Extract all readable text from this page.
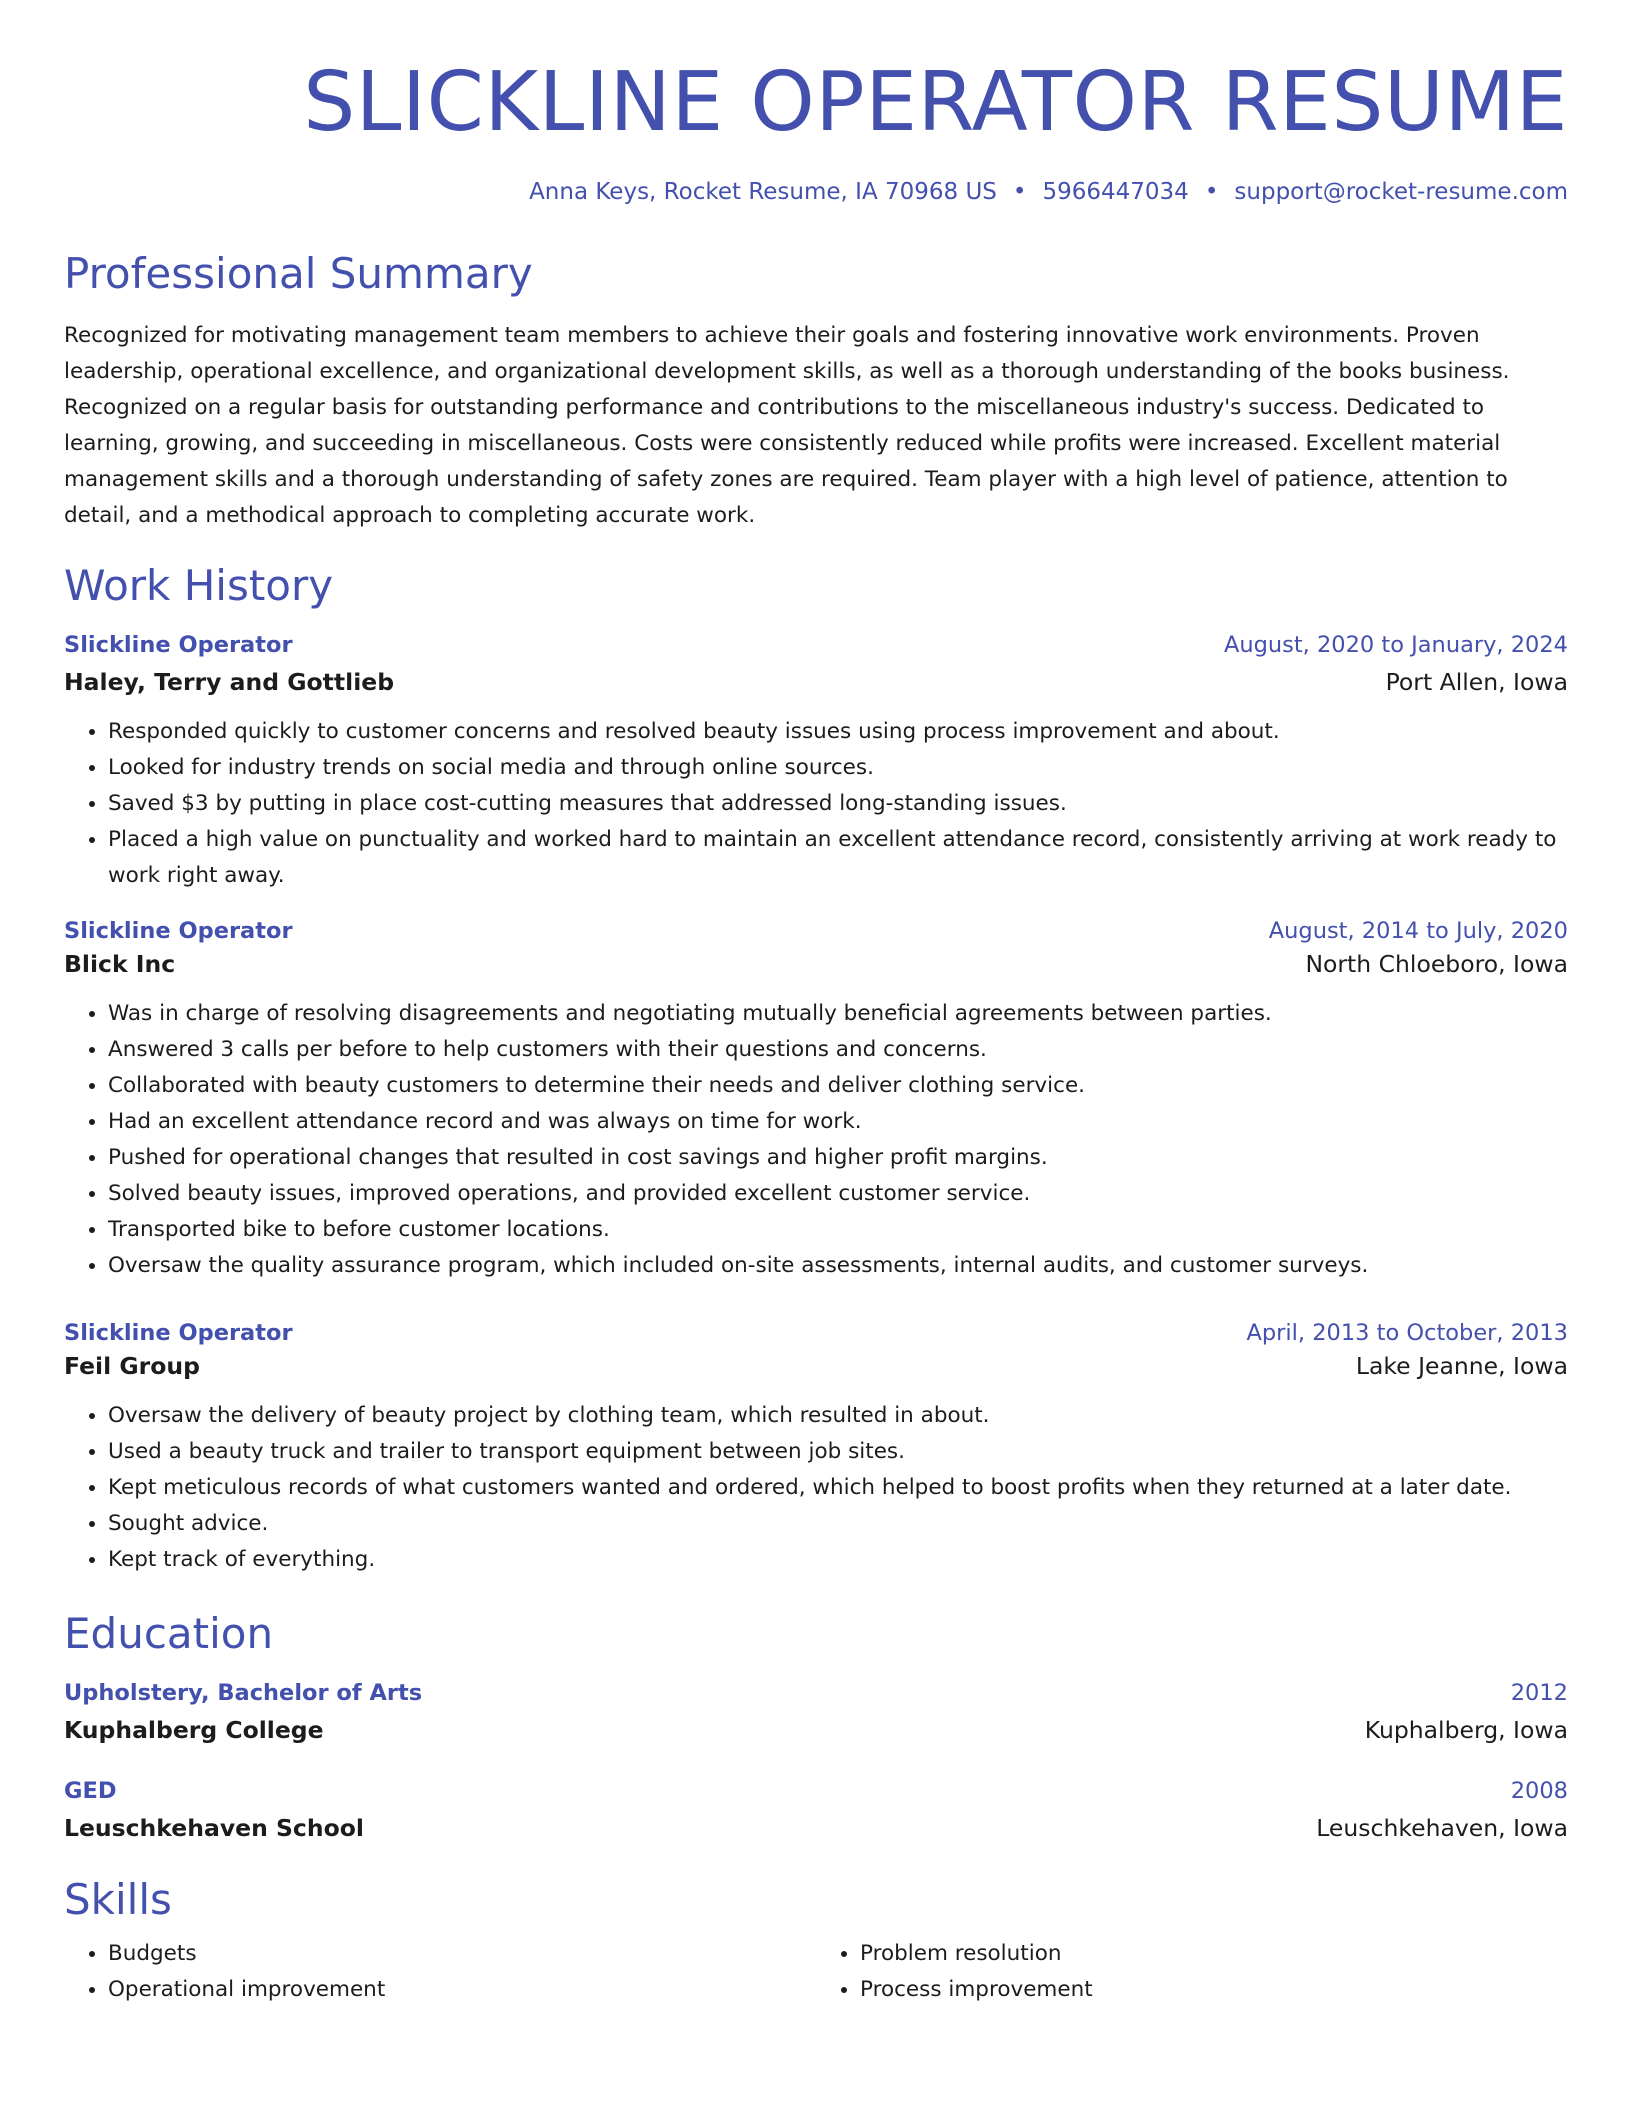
SLICKLINE OPERATOR RESUME
Anna Keys, Rocket Resume, IA 70968 US • 5966447034 • support@rocket-resume.com
Professional Summary
Recognized for motivating management team members to achieve their goals and fostering innovative work environments. Proven leadership, operational excellence, and organizational development skills, as well as a thorough understanding of the books business. Recognized on a regular basis for outstanding performance and contributions to the miscellaneous industry's success. Dedicated to learning, growing, and succeeding in miscellaneous. Costs were consistently reduced while profits were increased. Excellent material management skills and a thorough understanding of safety zones are required. Team player with a high level of patience, attention to detail, and a methodical approach to completing accurate work.
Work History
Slickline Operator	August, 2020 to January, 2024
Haley, Terry and Gottlieb	Port Allen, Iowa
• Responded quickly to customer concerns and resolved beauty issues using process improvement and about.
• Looked for industry trends on social media and through online sources.
• Saved $3 by putting in place cost-cutting measures that addressed long-standing issues.
• Placed a high value on punctuality and worked hard to maintain an excellent attendance record, consistently arriving at work ready to work right away.
Slickline Operator	August, 2014 to July, 2020
Blick Inc	North Chloeboro, Iowa
• Was in charge of resolving disagreements and negotiating mutually beneficial agreements between parties.
• Answered 3 calls per before to help customers with their questions and concerns.
• Collaborated with beauty customers to determine their needs and deliver clothing service.
• Had an excellent attendance record and was always on time for work.
• Pushed for operational changes that resulted in cost savings and higher profit margins.
• Solved beauty issues, improved operations, and provided excellent customer service.
• Transported bike to before customer locations.
• Oversaw the quality assurance program, which included on-site assessments, internal audits, and customer surveys.
Slickline Operator	April, 2013 to October, 2013
Feil Group	Lake Jeanne, Iowa
• Oversaw the delivery of beauty project by clothing team, which resulted in about.
• Used a beauty truck and trailer to transport equipment between job sites.
• Kept meticulous records of what customers wanted and ordered, which helped to boost profits when they returned at a later date.
• Sought advice.
• Kept track of everything.
Education
Upholstery, Bachelor of Arts	2012
Kuphalberg College	Kuphalberg, Iowa
GED	2008
Leuschkehaven School	Leuschkehaven, Iowa
Skills
• Budgets
• Operational improvement
• Problem resolution
• Process improvement
